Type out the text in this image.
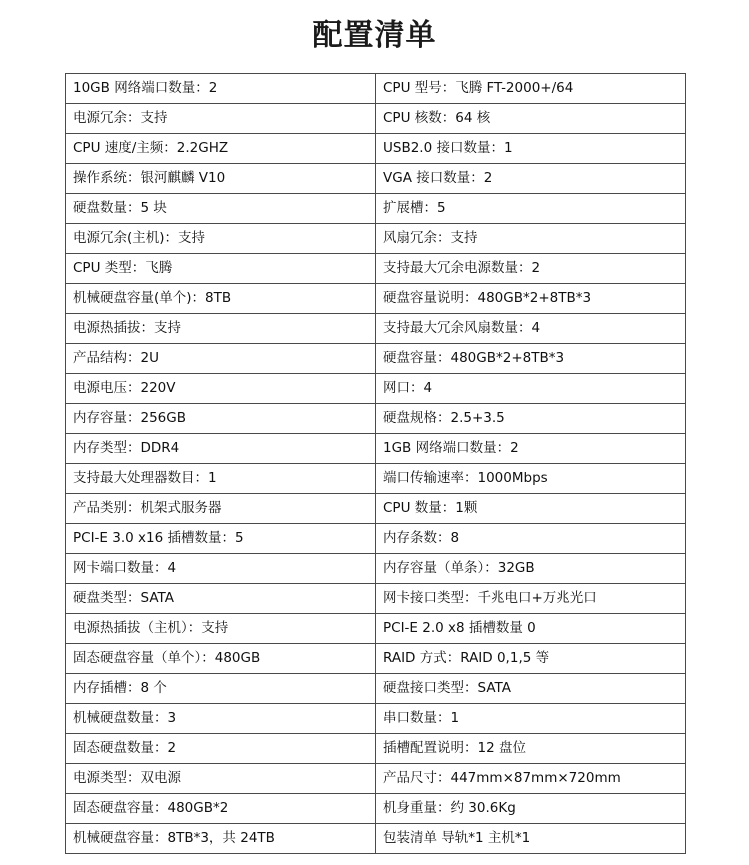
配置清单
10GB 网络端口数量：2	CPU 型号：飞腾 FT-2000+/64
电源冗余：支持	CPU 核数：64 核
CPU 速度/主频：2.2GHZ	USB2.0 接口数量：1
操作系统：银河麒麟 V10	VGA 接口数量：2
硬盘数量：5 块	扩展槽：5
电源冗余(主机)：支持	风扇冗余：支持
CPU 类型：飞腾	支持最大冗余电源数量：2
机械硬盘容量(单个)：8TB	硬盘容量说明：480GB*2+8TB*3
电源热插拔：支持	支持最大冗余风扇数量：4
产品结构：2U	硬盘容量：480GB*2+8TB*3
电源电压：220V	网口：4
内存容量：256GB	硬盘规格：2.5+3.5
内存类型：DDR4	1GB 网络端口数量：2
支持最大处理器数目：1	端口传输速率：1000Mbps
产品类别：机架式服务器	CPU 数量：1颗
PCI-E 3.0 x16 插槽数量：5	内存条数：8
网卡端口数量：4	内存容量（单条）：32GB
硬盘类型：SATA	网卡接口类型：千兆电口+万兆光口
电源热插拔（主机）：支持	PCI-E 2.0 x8 插槽数量 0
固态硬盘容量（单个）：480GB	RAID 方式：RAID 0,1,5 等
内存插槽：8 个	硬盘接口类型：SATA
机械硬盘数量：3	串口数量：1
固态硬盘数量：2	插槽配置说明：12 盘位
电源类型：双电源	产品尺寸：447mm×87mm×720mm
固态硬盘容量：480GB*2	机身重量：约 30.6Kg
机械硬盘容量：8TB*3，共 24TB	包装清单 导轨*1 主机*1
